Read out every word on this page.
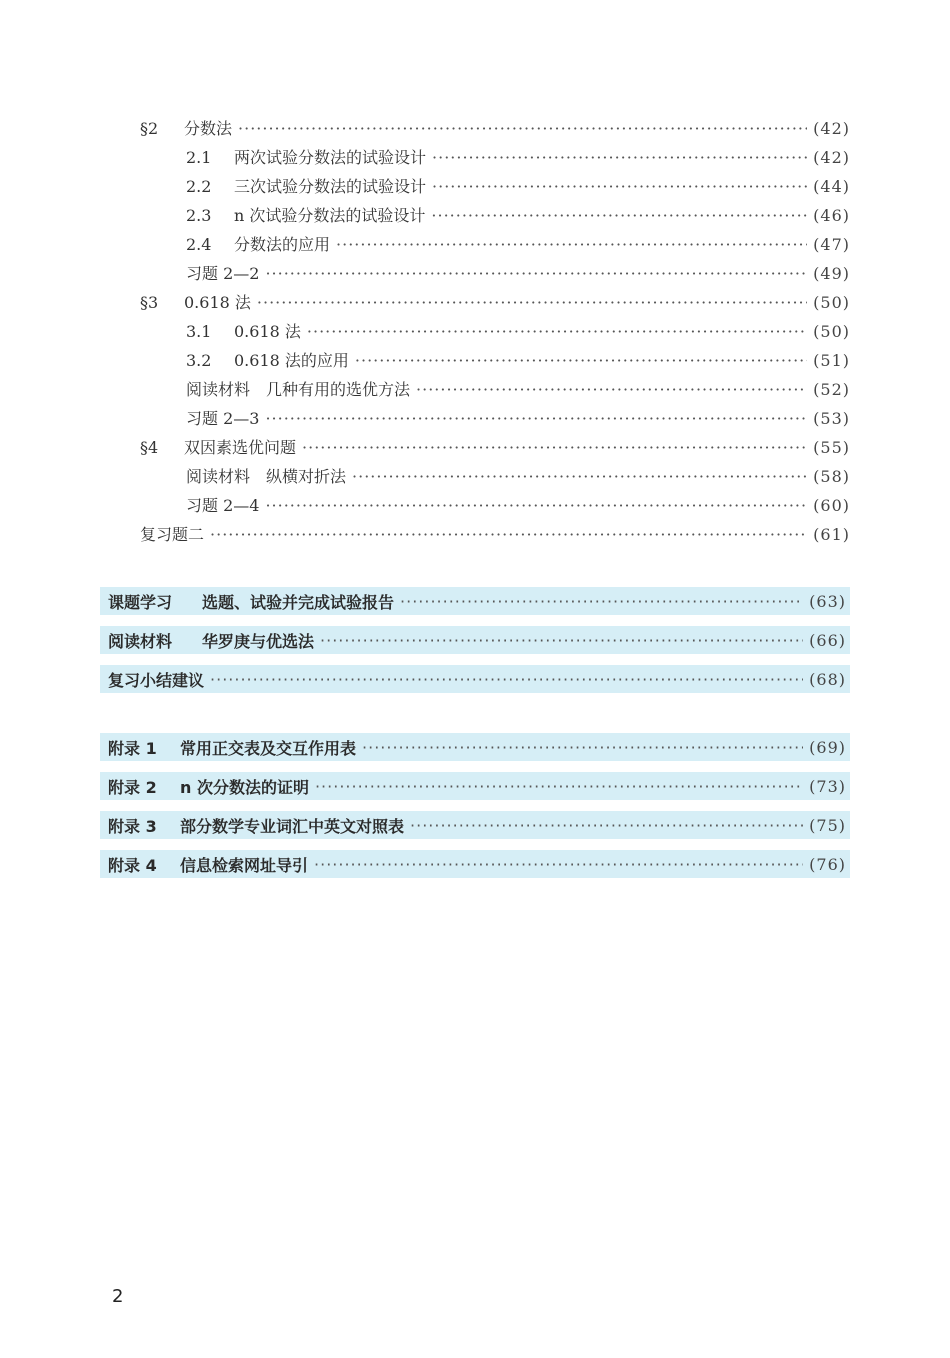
§2	分数法 ·····	(42)
2.1	两次试验分数法的试验设计 ·····	(42)
2.2	三次试验分数法的试验设计 ·····	(44)
2.3	n 次试验分数法的试验设计 ·····	(46)
2.4	分数法的应用 ·····	(47)
习题 2—2 ·····	(49)
§3	0.618 法 ·····	(50)
3.1	0.618 法 ·····	(50)
3.2	0.618 法的应用 ·····	(51)
阅读材料　几种有用的选优方法 ·····	(52)
习题 2—3 ·····	(53)
§4	双因素选优问题 ·····	(55)
阅读材料　纵横对折法 ·····	(58)
习题 2—4 ·····	(60)
复习题二 ·····	(61)
课题学习	选题、试验并完成试验报告 ·····	(63)
阅读材料	华罗庚与优选法 ·····	(66)
复习小结建议 ·····	(68)
附录 1	常用正交表及交互作用表 ·····	(69)
附录 2	n 次分数法的证明 ·····	(73)
附录 3	部分数学专业词汇中英文对照表 ·····	(75)
附录 4	信息检索网址导引 ·····	(76)
2
